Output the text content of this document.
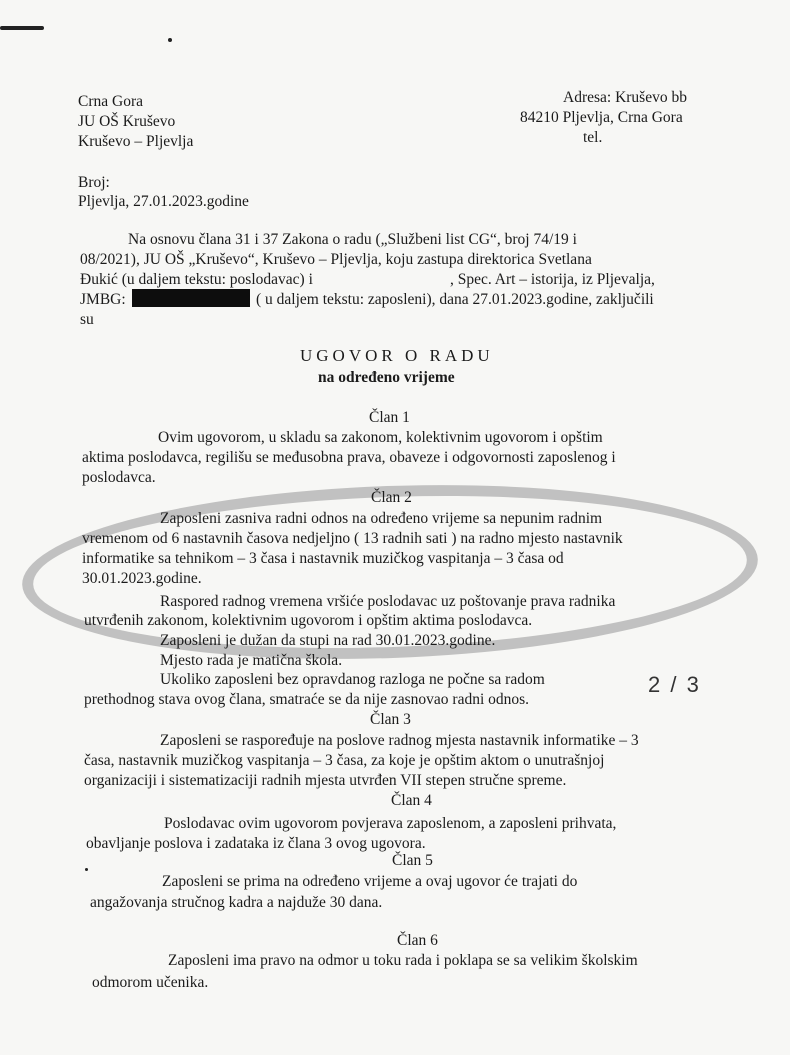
Crna Gora
JU OŠ Kruševo
Kruševo – Pljevlja
Adresa: Kruševo bb
84210 Pljevlja, Crna Gora
tel.
Broj:
Pljevlja, 27.01.2023.godine
Na osnovu člana 31 i 37 Zakona o radu („Službeni list CG“, broj 74/19 i
08/2021), JU OŠ „Kruševo“, Kruševo – Pljevlja, koju zastupa direktorica Svetlana
Đukić (u daljem tekstu: poslodavac) i	, Spec. Art – istorija, iz Pljevalja,
JMBG:	( u daljem tekstu: zaposleni), dana 27.01.2023.godine, zaključili
su
UGOVOR O RADU
na određeno vrijeme
Član 1
Ovim ugovorom, u skladu sa zakonom, kolektivnim ugovorom i opštim
aktima poslodavca, regilišu se međusobna prava, obaveze i odgovornosti zaposlenog i
poslodavca.
Član 2
Zaposleni zasniva radni odnos na određeno vrijeme sa nepunim radnim
vremenom od 6 nastavnih časova nedjeljno ( 13 radnih sati ) na radno mjesto nastavnik
informatike sa tehnikom – 3 časa i nastavnik muzičkog vaspitanja – 3 časa od
30.01.2023.godine.
Raspored radnog vremena vršiće poslodavac uz poštovanje prava radnika
utvrđenih zakonom, kolektivnim ugovorom i opštim aktima poslodavca.
Zaposleni je dužan da stupi na rad 30.01.2023.godine.
Mjesto rada je matična škola.
Ukoliko zaposleni bez opravdanog razloga ne počne sa radom
prethodnog stava ovog člana, smatraće se da nije zasnovao radni odnos.
2 / 3
Član 3
Zaposleni se raspoređuje na poslove radnog mjesta nastavnik informatike – 3
časa, nastavnik muzičkog vaspitanja – 3 časa, za koje je opštim aktom o unutrašnjoj
organizaciji i sistematizaciji radnih mjesta utvrđen VII stepen stručne spreme.
Član 4
Poslodavac ovim ugovorom povjerava zaposlenom, a zaposleni prihvata,
obavljanje poslova i zadataka iz člana 3 ovog ugovora.
Član 5
Zaposleni se prima na određeno vrijeme a ovaj ugovor će trajati do
angažovanja stručnog kadra a najduže 30 dana.
Član 6
Zaposleni ima pravo na odmor u toku rada i poklapa se sa velikim školskim
odmorom učenika.
